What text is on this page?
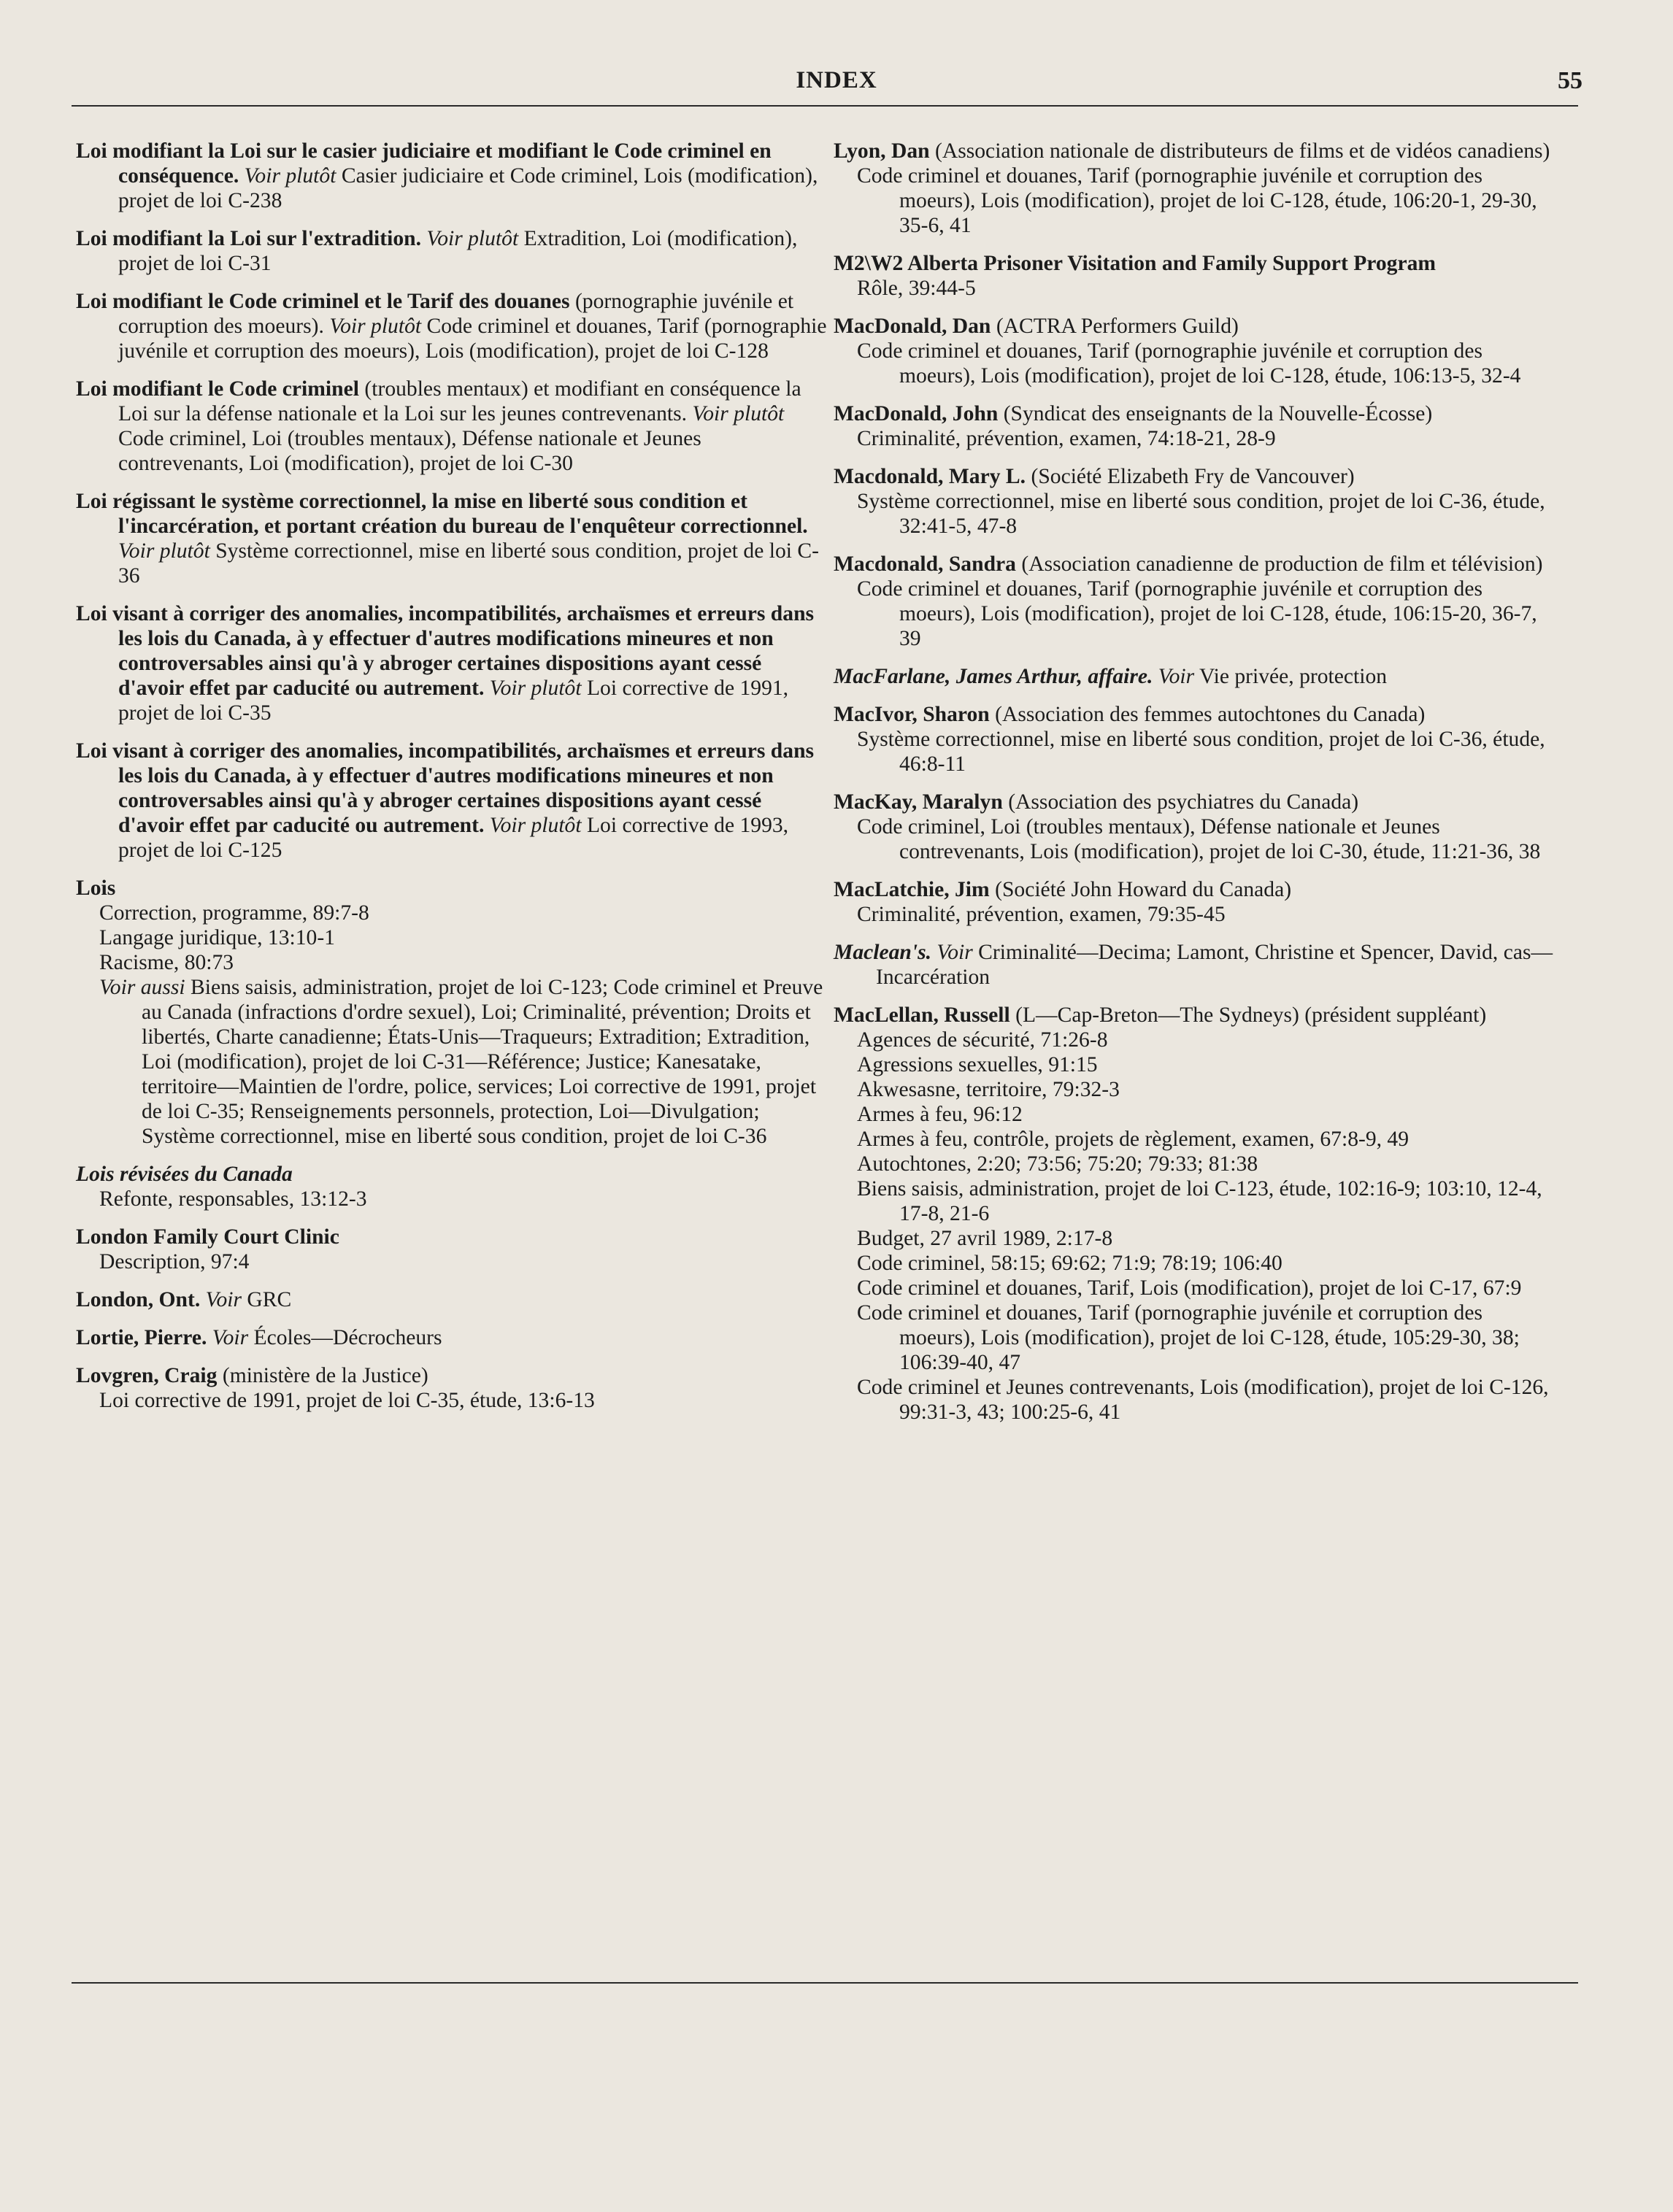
INDEX	55
Loi modifiant la Loi sur le casier judiciaire et modifiant le Code criminel en conséquence. Voir plutôt Casier judiciaire et Code criminel, Lois (modification), projet de loi C-238
Loi modifiant la Loi sur l'extradition. Voir plutôt Extradition, Loi (modification), projet de loi C-31
Loi modifiant le Code criminel et le Tarif des douanes (pornographie juvénile et corruption des moeurs). Voir plutôt Code criminel et douanes, Tarif (pornographie juvénile et corruption des moeurs), Lois (modification), projet de loi C-128
Loi modifiant le Code criminel (troubles mentaux) et modifiant en conséquence la Loi sur la défense nationale et la Loi sur les jeunes contrevenants. Voir plutôt Code criminel, Loi (troubles mentaux), Défense nationale et Jeunes contrevenants, Loi (modification), projet de loi C-30
Loi régissant le système correctionnel, la mise en liberté sous condition et l'incarcération, et portant création du bureau de l'enquêteur correctionnel. Voir plutôt Système correctionnel, mise en liberté sous condition, projet de loi C-36
Loi visant à corriger des anomalies, incompatibilités, archaïsmes et erreurs dans les lois du Canada, à y effectuer d'autres modifications mineures et non controversables ainsi qu'à y abroger certaines dispositions ayant cessé d'avoir effet par caducité ou autrement. Voir plutôt Loi corrective de 1991, projet de loi C-35
Loi visant à corriger des anomalies, incompatibilités, archaïsmes et erreurs dans les lois du Canada, à y effectuer d'autres modifications mineures et non controversables ainsi qu'à y abroger certaines dispositions ayant cessé d'avoir effet par caducité ou autrement. Voir plutôt Loi corrective de 1993, projet de loi C-125
Lois
Correction, programme, 89:7-8
Langage juridique, 13:10-1
Racisme, 80:73
Voir aussi Biens saisis, administration, projet de loi C-123; Code criminel et Preuve au Canada (infractions d'ordre sexuel), Loi; Criminalité, prévention; Droits et libertés, Charte canadienne; États-Unis—Traqueurs; Extradition; Extradition, Loi (modification), projet de loi C-31—Référence; Justice; Kanesatake, territoire—Maintien de l'ordre, police, services; Loi corrective de 1991, projet de loi C-35; Renseignements personnels, protection, Loi—Divulgation; Système correctionnel, mise en liberté sous condition, projet de loi C-36
Lois révisées du Canada
Refonte, responsables, 13:12-3
London Family Court Clinic
Description, 97:4
London, Ont. Voir GRC
Lortie, Pierre. Voir Écoles—Décrocheurs
Lovgren, Craig (ministère de la Justice)
Loi corrective de 1991, projet de loi C-35, étude, 13:6-13
Lyon, Dan (Association nationale de distributeurs de films et de vidéos canadiens)
Code criminel et douanes, Tarif (pornographie juvénile et corruption des moeurs), Lois (modification), projet de loi C-128, étude, 106:20-1, 29-30, 35-6, 41
M2\W2 Alberta Prisoner Visitation and Family Support Program
Rôle, 39:44-5
MacDonald, Dan (ACTRA Performers Guild)
Code criminel et douanes, Tarif (pornographie juvénile et corruption des moeurs), Lois (modification), projet de loi C-128, étude, 106:13-5, 32-4
MacDonald, John (Syndicat des enseignants de la Nouvelle-Écosse)
Criminalité, prévention, examen, 74:18-21, 28-9
Macdonald, Mary L. (Société Elizabeth Fry de Vancouver)
Système correctionnel, mise en liberté sous condition, projet de loi C-36, étude, 32:41-5, 47-8
Macdonald, Sandra (Association canadienne de production de film et télévision)
Code criminel et douanes, Tarif (pornographie juvénile et corruption des moeurs), Lois (modification), projet de loi C-128, étude, 106:15-20, 36-7, 39
MacFarlane, James Arthur, affaire. Voir Vie privée, protection
MacIvor, Sharon (Association des femmes autochtones du Canada)
Système correctionnel, mise en liberté sous condition, projet de loi C-36, étude, 46:8-11
MacKay, Maralyn (Association des psychiatres du Canada)
Code criminel, Loi (troubles mentaux), Défense nationale et Jeunes contrevenants, Lois (modification), projet de loi C-30, étude, 11:21-36, 38
MacLatchie, Jim (Société John Howard du Canada)
Criminalité, prévention, examen, 79:35-45
Maclean's. Voir Criminalité—Decima; Lamont, Christine et Spencer, David, cas—Incarcération
MacLellan, Russell (L—Cap-Breton—The Sydneys) (président suppléant)
Agences de sécurité, 71:26-8
Agressions sexuelles, 91:15
Akwesasne, territoire, 79:32-3
Armes à feu, 96:12
Armes à feu, contrôle, projets de règlement, examen, 67:8-9, 49
Autochtones, 2:20; 73:56; 75:20; 79:33; 81:38
Biens saisis, administration, projet de loi C-123, étude, 102:16-9; 103:10, 12-4, 17-8, 21-6
Budget, 27 avril 1989, 2:17-8
Code criminel, 58:15; 69:62; 71:9; 78:19; 106:40
Code criminel et douanes, Tarif, Lois (modification), projet de loi C-17, 67:9
Code criminel et douanes, Tarif (pornographie juvénile et corruption des moeurs), Lois (modification), projet de loi C-128, étude, 105:29-30, 38; 106:39-40, 47
Code criminel et Jeunes contrevenants, Lois (modification), projet de loi C-126, 99:31-3, 43; 100:25-6, 41
